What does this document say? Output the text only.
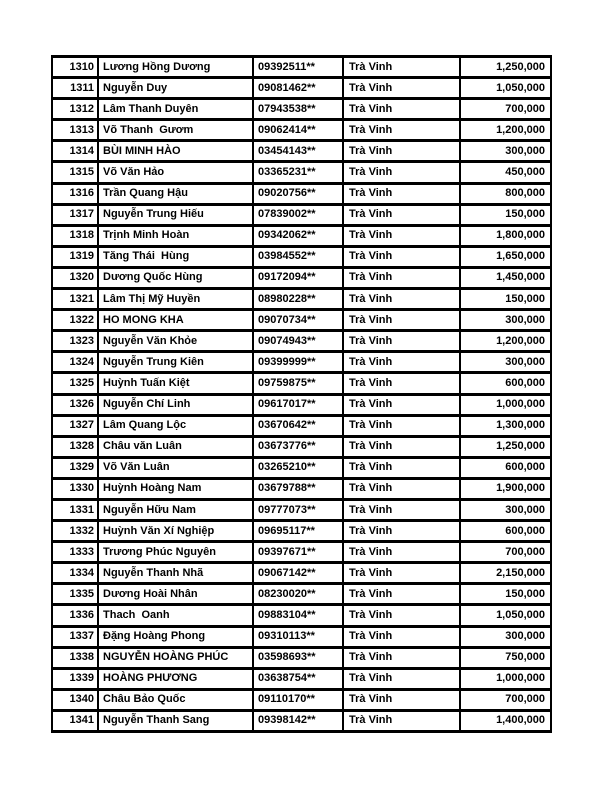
1310	Lương Hồng Dương	09392511**	Trà Vinh	1,250,000
1311	Nguyễn Duy	09081462**	Trà Vinh	1,050,000
1312	Lâm Thanh Duyên	07943538**	Trà Vinh	700,000
1313	Võ Thanh  Gươm	09062414**	Trà Vinh	1,200,000
1314	BÙI MINH HÀO	03454143**	Trà Vinh	300,000
1315	Võ Văn Hảo	03365231**	Trà Vinh	450,000
1316	Trần Quang Hậu	09020756**	Trà Vinh	800,000
1317	Nguyễn Trung Hiếu	07839002**	Trà Vinh	150,000
1318	Trịnh Minh Hoàn	09342062**	Trà Vinh	1,800,000
1319	Tăng Thái  Hùng	03984552**	Trà Vinh	1,650,000
1320	Dương Quốc Hùng	09172094**	Trà Vinh	1,450,000
1321	Lâm Thị Mỹ Huyền	08980228**	Trà Vinh	150,000
1322	HO MONG KHA	09070734**	Trà Vinh	300,000
1323	Nguyễn Văn Khỏe	09074943**	Trà Vinh	1,200,000
1324	Nguyễn Trung Kiên	09399999**	Trà Vinh	300,000
1325	Huỳnh Tuấn Kiệt	09759875**	Trà Vinh	600,000
1326	Nguyễn Chí Linh	09617017**	Trà Vinh	1,000,000
1327	Lâm Quang Lộc	03670642**	Trà Vinh	1,300,000
1328	Châu văn Luân	03673776**	Trà Vinh	1,250,000
1329	Võ Văn Luân	03265210**	Trà Vinh	600,000
1330	Huỳnh Hoàng Nam	03679788**	Trà Vinh	1,900,000
1331	Nguyễn Hữu Nam	09777073**	Trà Vinh	300,000
1332	Huỳnh Văn Xí Nghiệp	09695117**	Trà Vinh	600,000
1333	Trương Phúc Nguyên	09397671**	Trà Vinh	700,000
1334	Nguyễn Thanh Nhã	09067142**	Trà Vinh	2,150,000
1335	Dương Hoài Nhân	08230020**	Trà Vinh	150,000
1336	Thach  Oanh	09883104**	Trà Vinh	1,050,000
1337	Đặng Hoàng Phong	09310113**	Trà Vinh	300,000
1338	NGUYỄN HOÀNG PHÚC	03598693**	Trà Vinh	750,000
1339	HOÀNG PHƯƠNG	03638754**	Trà Vinh	1,000,000
1340	Châu Bảo Quốc	09110170**	Trà Vinh	700,000
1341	Nguyễn Thanh Sang	09398142**	Trà Vinh	1,400,000
